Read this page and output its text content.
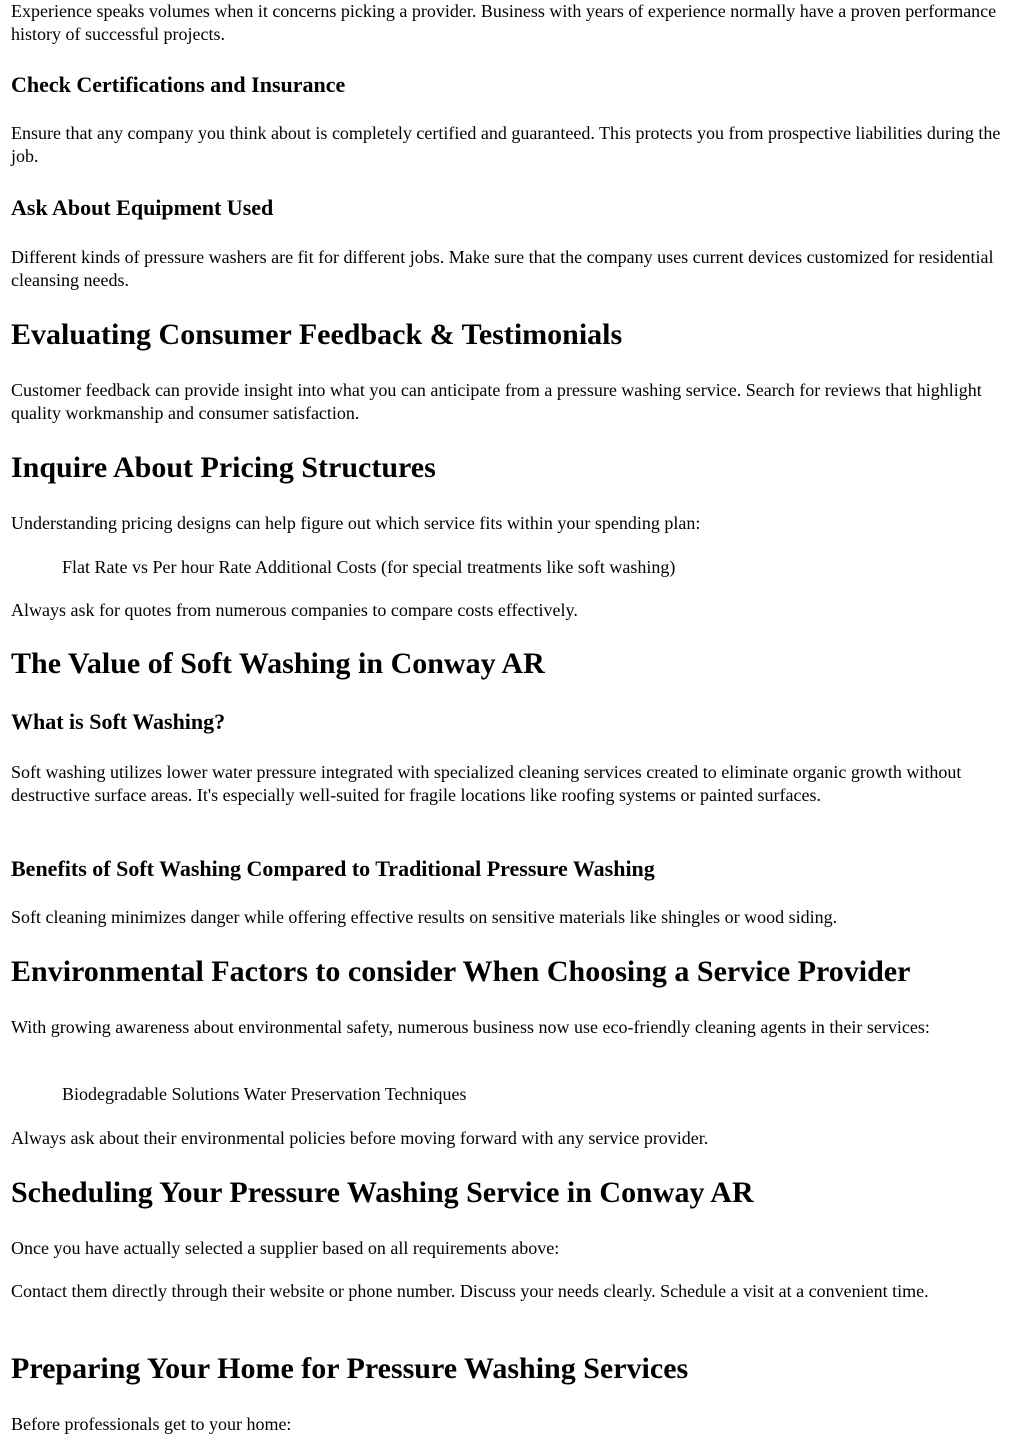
Experience speaks volumes when it concerns picking a provider. Business with years of experience normally have a proven performance history of successful projects.

Check Certifications and Insurance

Ensure that any company you think about is completely certified and guaranteed. This protects you from prospective liabilities during the job.

Ask About Equipment Used

Different kinds of pressure washers are fit for different jobs. Make sure that the company uses current devices customized for residential cleansing needs.

Evaluating Consumer Feedback & Testimonials

Customer feedback can provide insight into what you can anticipate from a pressure washing service. Search for reviews that highlight quality workmanship and consumer satisfaction.

Inquire About Pricing Structures

Understanding pricing designs can help figure out which service fits within your spending plan:

Flat Rate vs Per hour Rate Additional Costs (for special treatments like soft washing)

Always ask for quotes from numerous companies to compare costs effectively.

The Value of Soft Washing in Conway AR
What is Soft Washing?

Soft washing utilizes lower water pressure integrated with specialized cleaning services created to eliminate organic growth without destructive surface areas. It's especially well-suited for fragile locations like roofing systems or painted surfaces.

Benefits of Soft Washing Compared to Traditional Pressure Washing

Soft cleaning minimizes danger while offering effective results on sensitive materials like shingles or wood siding.

Environmental Factors to consider When Choosing a Service Provider

With growing awareness about environmental safety, numerous business now use eco-friendly cleaning agents in their services:

Biodegradable Solutions Water Preservation Techniques

Always ask about their environmental policies before moving forward with any service provider.

Scheduling Your Pressure Washing Service in Conway AR

Once you have actually selected a supplier based on all requirements above:

Contact them directly through their website or phone number. Discuss your needs clearly. Schedule a visit at a convenient time.

Preparing Your Home for Pressure Washing Services

Before professionals get to your home:
